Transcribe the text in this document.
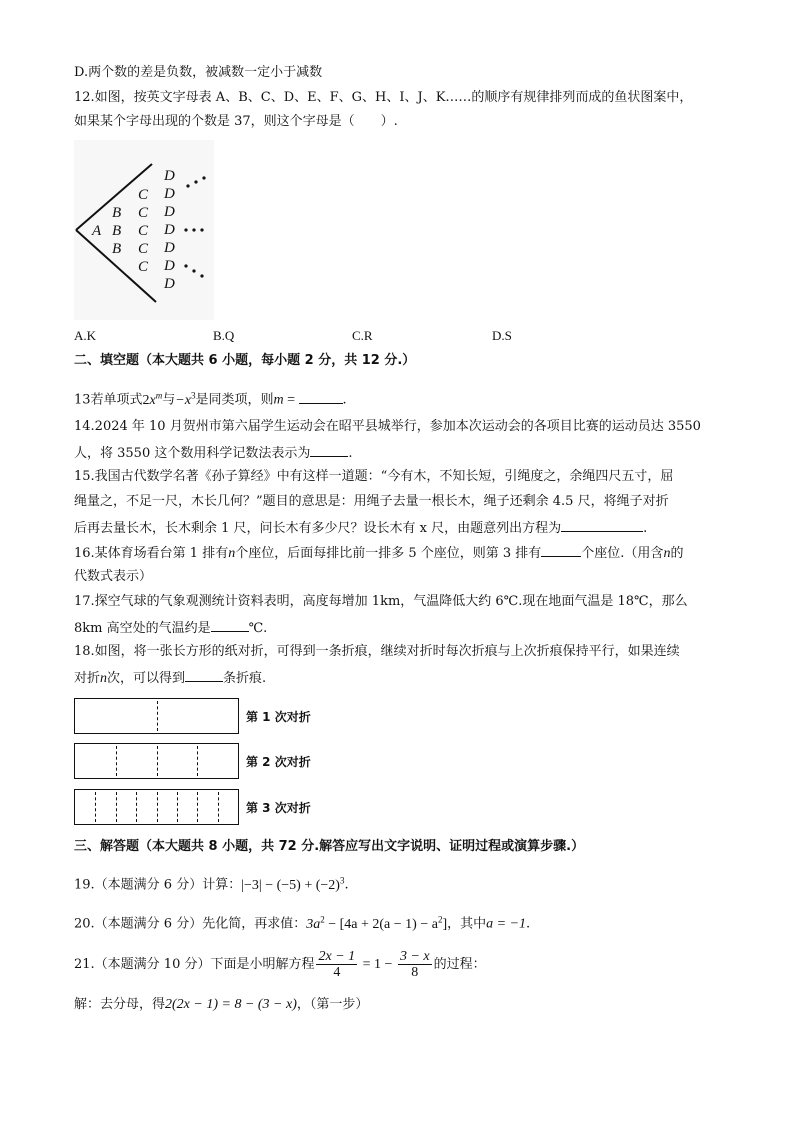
D.两个数的差是负数，被减数一定小于减数
12.如图，按英文字母表 A、B、C、D、E、F、G、H、I、J、K……的顺序有规律排列而成的鱼状图案中，
如果某个字母出现的个数是 37，则这个字母是（　　）.
A
B
B
B
C
C
C
C
C
D
D
D
D
D
D
D
A.K	B.Q	C.R	D.S
二、填空题（本大题共 6 小题，每小题 2 分，共 12 分.）
13若单项式$2x^m$与$-x^3$是同类项，则m =	.
14.2024 年 10 月贺州市第六届学生运动会在昭平县城举行，参加本次运动会的各项目比赛的运动员达 3550
人，将 3550 这个数用科学记数法表示为	.
15.我国古代数学名著《孙子算经》中有这样一道题：“今有木，不知长短，引绳度之，余绳四尺五寸，屈
绳量之，不足一尺，木长几何？”题目的意思是：用绳子去量一根长木，绳子还剩余 4.5 尺，将绳子对折
后再去量长木，长木剩余 1 尺，问长木有多少尺？设长木有 x 尺，由题意列出方程为	.
16.某体育场看台第 1 排有n个座位，后面每排比前一排多 5 个座位，则第 3 排有	个座位.（用含n的
代数式表示）
17.探空气球的气象观测统计资料表明，高度每增加 1km，气温降低大约 6℃.现在地面气温是 18℃，那么
8km 高空处的气温约是	℃.
18.如图，将一张长方形的纸对折，可得到一条折痕，继续对折时每次折痕与上次折痕保持平行，如果连续
对折n次，可以得到	条折痕.
第 1 次对折
第 2 次对折
第 3 次对折
三、解答题（本大题共 8 小题，共 72 分.解答应写出文字说明、证明过程或演算步骤.）
19.（本题满分 6 分）计算：$|-3| - (-5) + (-2)^3$.
20.（本题满分 6 分）先化简，再求值：$3a^2 - [4a + 2(a - 1) - a^2]$，其中a = −1.
21.（本题满分 10 分）下面是小明解方程 $\frac{2x - 1}{4} = 1 - \frac{3 - x}{8}$ 的过程：
解：去分母，得2(2x − 1) = 8 − (3 − x)，（第一步）
